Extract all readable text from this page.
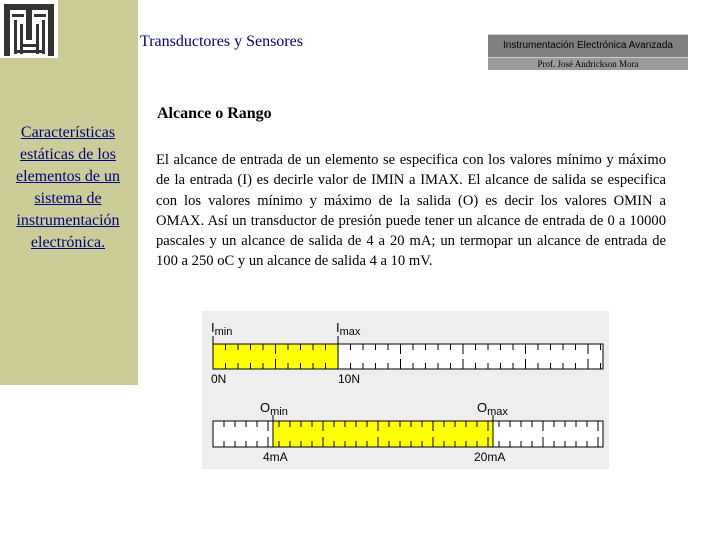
Características estáticas de los elementos de un sistema de instrumentación electrónica.
Transductores y Sensores	Instrumentación Electrónica Avanzada
Prof. José Andrickson Mora
Alcance o Rango
El alcance de entrada de un elemento se especifica con los valores mínimo y máximo de la entrada (I) es decirle valor de IMIN a IMAX. El alcance de salida se especifica con los valores mínimo y máximo de la salida (O) es decir los valores OMIN a OMAX. Así un transductor de presión puede tener un alcance de entrada de 0 a 10000 pascales y un alcance de salida de 4 a 20 mA; un termopar un alcance de entrada de 100 a 250 oC y un alcance de salida 4 a 10 mV.
$I_{min}$	$I_{max}$
0N	10N
$O_{min}$	$O_{max}$
4mA	20mA
